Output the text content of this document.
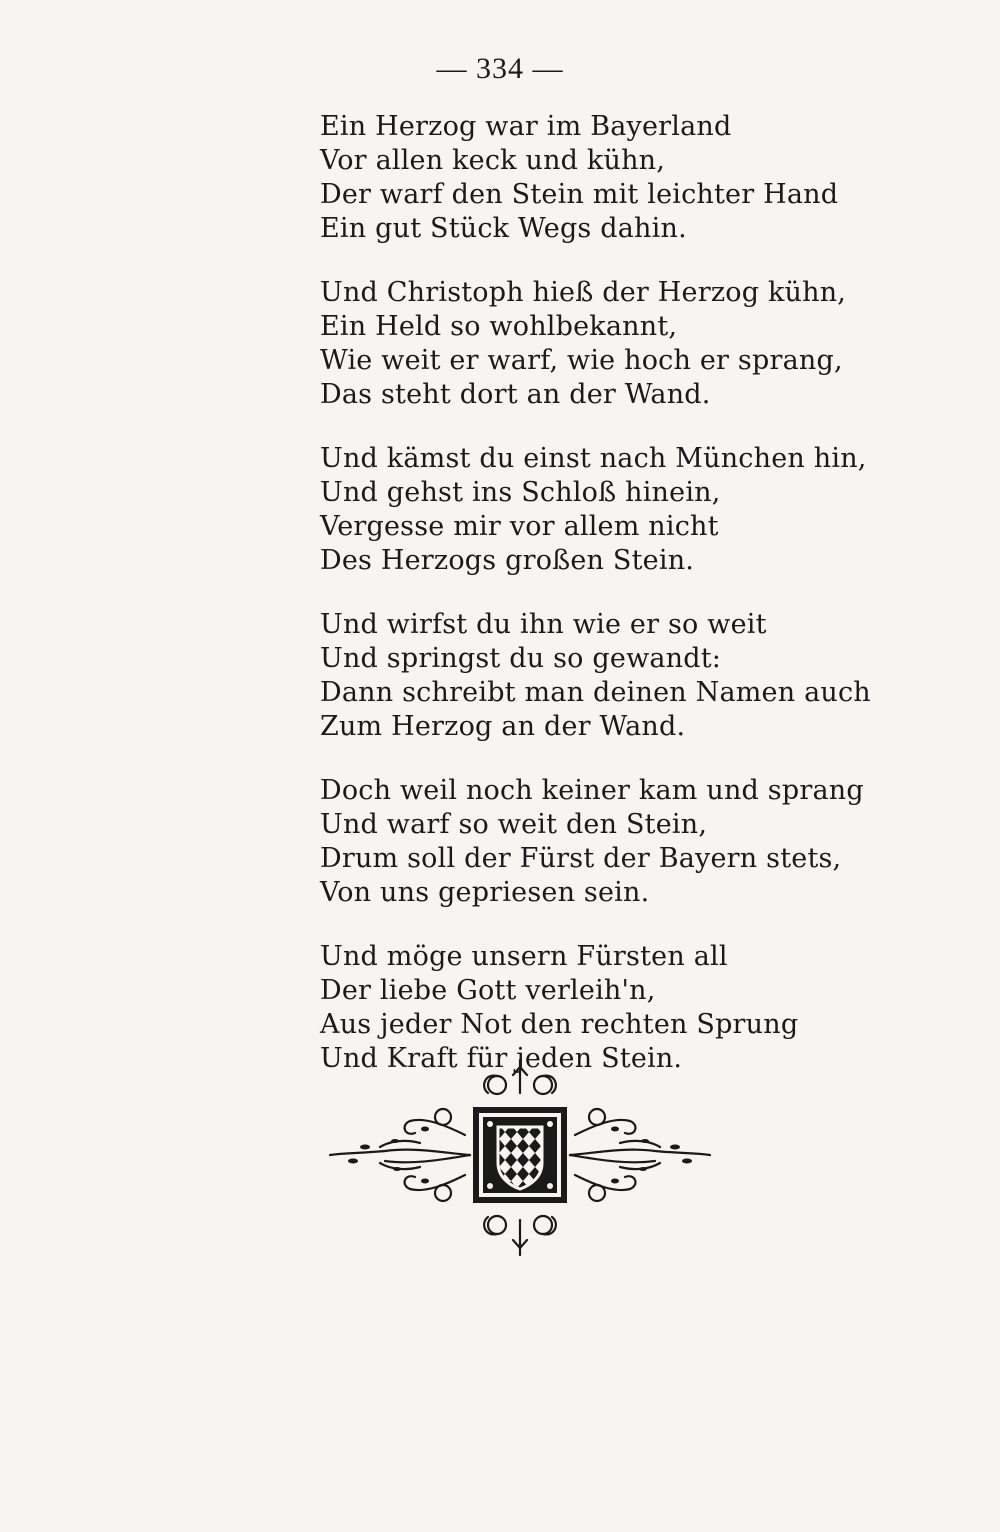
— 334 —
Ein Herzog war im Bayerland
Vor allen keck und kühn,
Der warf den Stein mit leichter Hand
Ein gut Stück Wegs dahin.
Und Christoph hieß der Herzog kühn,
Ein Held so wohlbekannt,
Wie weit er warf, wie hoch er sprang,
Das steht dort an der Wand.
Und kämst du einst nach München hin,
Und gehst ins Schloß hinein,
Vergesse mir vor allem nicht
Des Herzogs großen Stein.
Und wirfst du ihn wie er so weit
Und springst du so gewandt:
Dann schreibt man deinen Namen auch
Zum Herzog an der Wand.
Doch weil noch keiner kam und sprang
Und warf so weit den Stein,
Drum soll der Fürst der Bayern stets,
Von uns gepriesen sein.
Und möge unsern Fürsten all
Der liebe Gott verleih'n,
Aus jeder Not den rechten Sprung
Und Kraft für jeden Stein.
